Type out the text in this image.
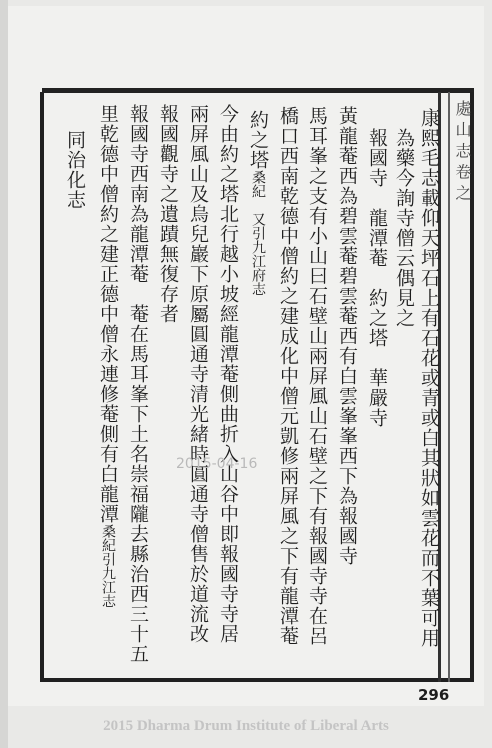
處 山 志 卷 之
康熙毛志載仰天坪石上有石花或青或白其狀如雲花而不葉可用
為藥今詢寺僧云偶見之
報國寺　龍潭菴　約之塔　華嚴寺
黃龍菴西為碧雲菴碧雲菴西有白雲峯峯西下為報國寺
馬耳峯之支有小山曰石壁山兩屏風山石壁之下有報國寺寺在呂
橋口西南乾德中僧約之建成化中僧元凱修兩屏風之下有龍潭菴
約之塔桑紀　又引九江府志
今由約之塔北行越小坡經龍潭菴側曲折入山谷中即報國寺寺居
兩屏風山及烏兒巖下原屬圓通寺清光緒時圓通寺僧售於道流改
報國觀寺之遺蹟無復存者
報國寺西南為龍潭菴　菴在馬耳峯下土名崇福隴去縣治西三十五
里乾德中僧約之建正德中僧永連修菴側有白龍潭桑紀引九江志
同治化志
2015-04-16
296
2015 Dharma Drum Institute of Liberal Arts
